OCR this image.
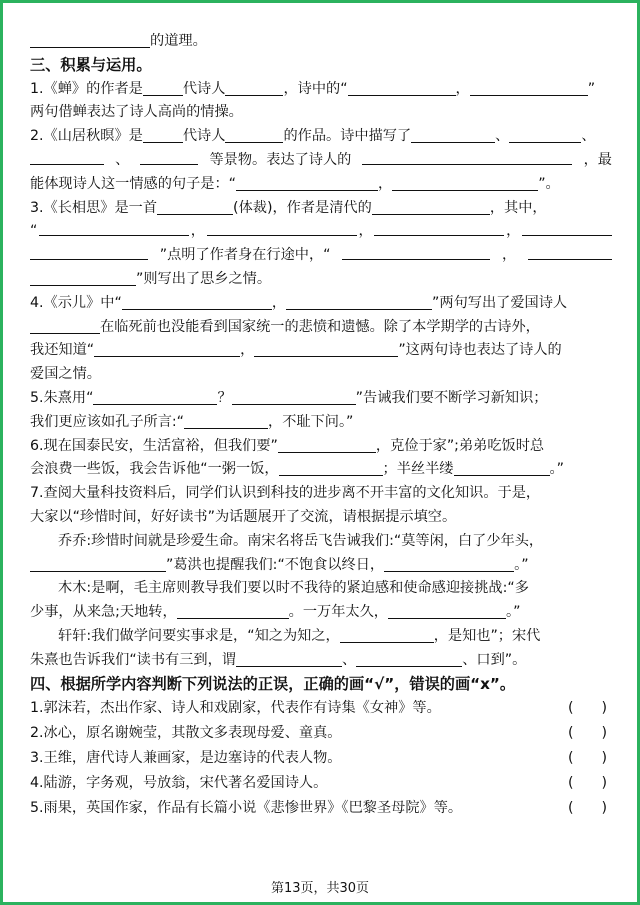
的道理。
三、积累与运用。
1.《蝉》的作者是	代诗人	，诗中的“	，	”
两句借蝉表达了诗人高尚的情操。
2.《山居秋暝》是	代诗人	的作品。诗中描写了	、	、
、	等景物。表达了诗人的	，最
能体现诗人这一情感的句子是：“	，	”。
3.《长相思》是一首	(体裁)，作者是清代的	，其中，
“	，	，	，
”点明了作者身在行途中，“	，
”则写出了思乡之情。
4.《示儿》中“	，	”两句写出了爱国诗人
在临死前也没能看到国家统一的悲愤和遗憾。除了本学期学的古诗外，
我还知道“	，	”这两句诗也表达了诗人的
爱国之情。
5.朱熹用“	？	”告诫我们要不断学习新知识；
我们更应该如孔子所言:“	，不耻下问。”
6.现在国泰民安，生活富裕，但我们要”	，克俭于家”;弟弟吃饭时总
会浪费一些饭，我会告诉他“一粥一饭，	；半丝半缕	。”
7.查阅大量科技资料后，同学们认识到科技的进步离不开丰富的文化知识。于是，
大家以“珍惜时间，好好读书”为话题展开了交流，请根据提示填空。
乔乔:珍惜时间就是珍爱生命。南宋名将岳飞告诫我们:“莫等闲，白了少年头，
”葛洪也提醒我们:“不饱食以终日，	。”
木木:是啊，毛主席则教导我们要以时不我待的紧迫感和使命感迎接挑战:“多
少事，从来急;天地转，	。一万年太久，	。”
轩轩:我们做学问要实事求是，“知之为知之，	，是知也”；宋代
朱熹也告诉我们“读书有三到，谓	、	、口到”。
四、根据所学内容判断下列说法的正误，正确的画“√”，错误的画“x”。
1.郭沫若，杰出作家、诗人和戏剧家，代表作有诗集《女神》等。	()
2.冰心，原名谢婉莹，其散文多表现母爱、童真。	()
3.王维，唐代诗人兼画家，是边塞诗的代表人物。	()
4.陆游，字务观，号放翁，宋代著名爱国诗人。	()
5.雨果，英国作家，作品有长篇小说《悲惨世界》《巴黎圣母院》等。	()
第13页，共30页
